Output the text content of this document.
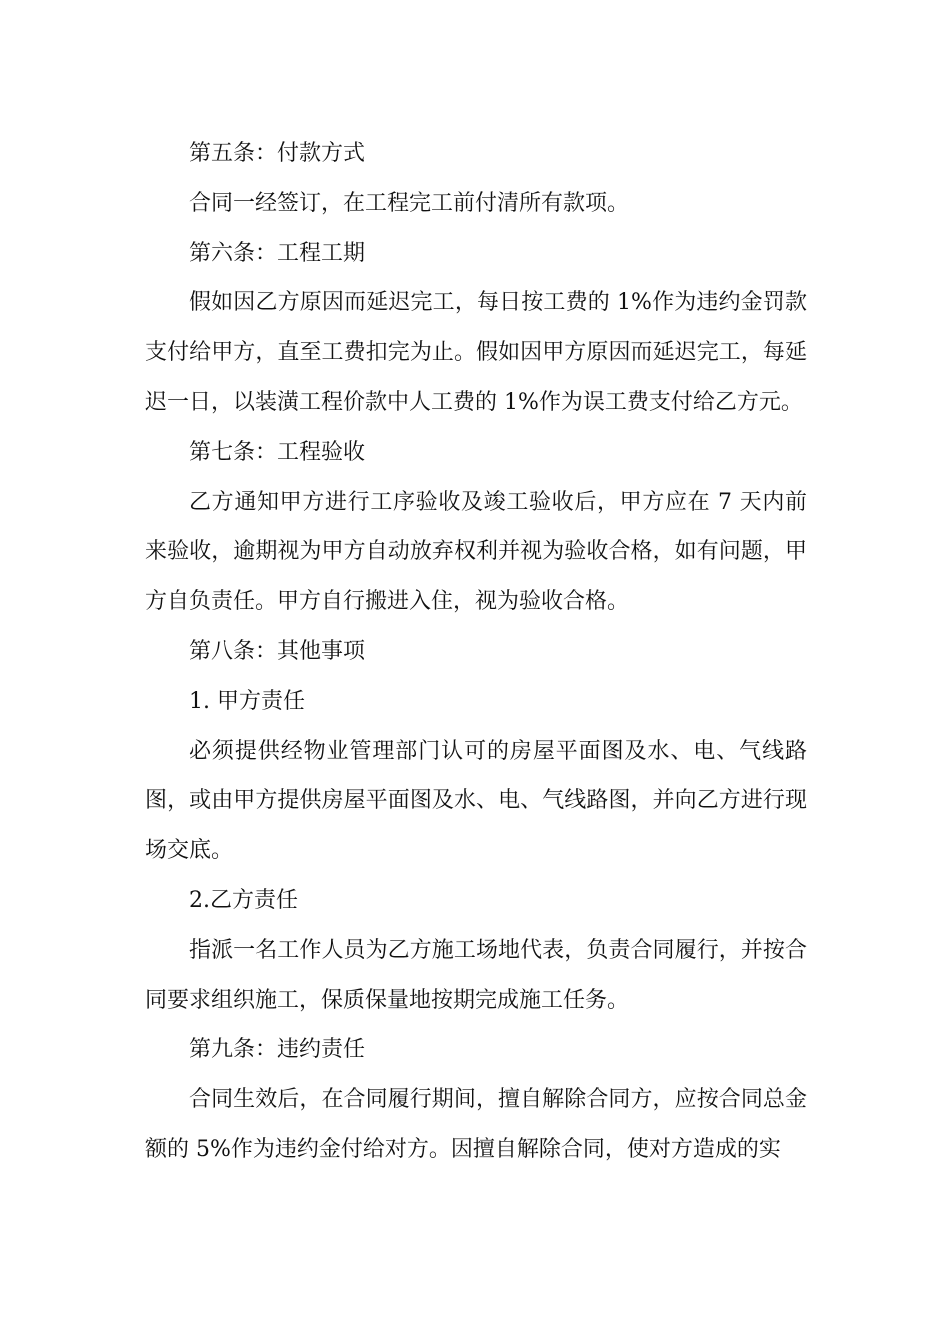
第五条：付款方式

合同一经签订，在工程完工前付清所有款项。

第六条：工程工期

假如因乙方原因而延迟完工，每日按工费的 1%作为违约金罚款支付给甲方，直至工费扣完为止。假如因甲方原因而延迟完工，每延迟一日，以装潢工程价款中人工费的 1%作为误工费支付给乙方元。

第七条：工程验收

乙方通知甲方进行工序验收及竣工验收后，甲方应在 7 天内前来验收，逾期视为甲方自动放弃权利并视为验收合格，如有问题，甲方自负责任。甲方自行搬进入住，视为验收合格。

第八条：其他事项

1. 甲方责任

必须提供经物业管理部门认可的房屋平面图及水、电、气线路图，或由甲方提供房屋平面图及水、电、气线路图，并向乙方进行现场交底。

2.乙方责任

指派一名工作人员为乙方施工场地代表，负责合同履行，并按合同要求组织施工，保质保量地按期完成施工任务。

第九条：违约责任

合同生效后，在合同履行期间，擅自解除合同方，应按合同总金额的 5%作为违约金付给对方。因擅自解除合同，使对方造成的实
